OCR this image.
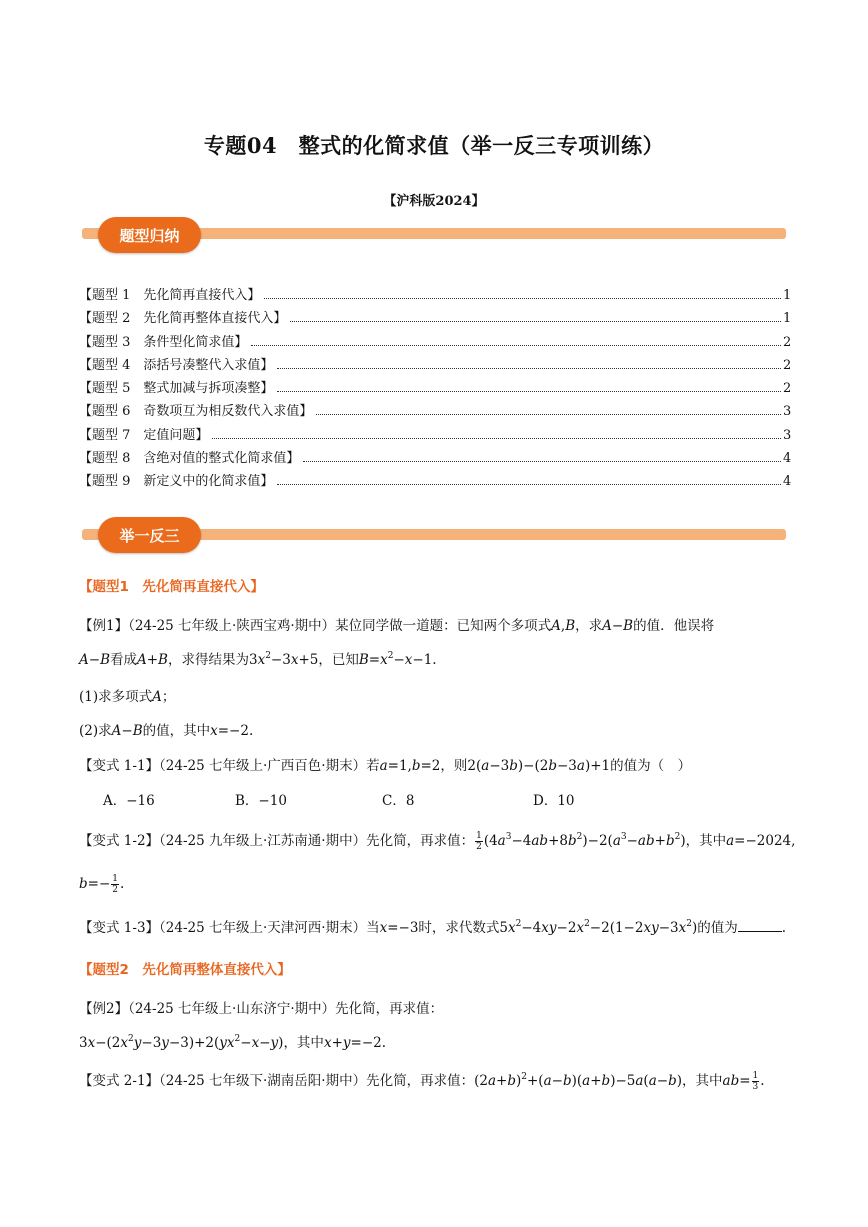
专题04　整式的化简求值（举一反三专项训练）
【沪科版2024】
题型归纳
【题型 1　先化简再直接代入】	1
【题型 2　先化简再整体直接代入】	1
【题型 3　条件型化简求值】	2
【题型 4　添括号凑整代入求值】	2
【题型 5　整式加减与拆项凑整】	2
【题型 6　奇数项互为相反数代入求值】	3
【题型 7　定值问题】	3
【题型 8　含绝对值的整式化简求值】	4
【题型 9　新定义中的化简求值】	4
举一反三
【题型1　先化简再直接代入】
【例1】（24-25 七年级上·陕西宝鸡·期中）某位同学做一道题：已知两个多项式A,B，求A−B的值．他误将
A−B看成A+B，求得结果为$3x^2-3x+5$，已知$B=x^2-x-1$.
(1)求多项式A；
(2)求A−B的值，其中x=−2.
【变式 1-1】（24-25 七年级上·广西百色·期末）若a=1,b=2，则2(a−3b)−(2b−3a)+1的值为（　）
A．−16	B．−10	C．8	D．10
【变式 1-2】（24-25 九年级上·江苏南通·期中）先化简，再求值： $\frac{1}{2} (4a^3-4ab+8b^2)-2(a^3-ab+b^2)$，其中a=−2024,
$b=- \frac{1}{2}$ .
【变式 1-3】（24-25 七年级上·天津河西·期末）当x=−3时，求代数式$5x^2-4xy-2x^2-2(1-2xy-3x^2)$的值为	.
【题型2　先化简再整体直接代入】
【例2】（24-25 七年级上·山东济宁·期中）先化简，再求值：
$3x-(2x^2y-3y-3)+2(yx^2-x-y)$，其中x+y=−2.
【变式 2-1】（24-25 七年级下·湖南岳阳·期中）先化简，再求值：$(2a+b)^2+(a-b)(a+b)-5a(a-b)$，其中$ab= \frac{1}{3}$ .
